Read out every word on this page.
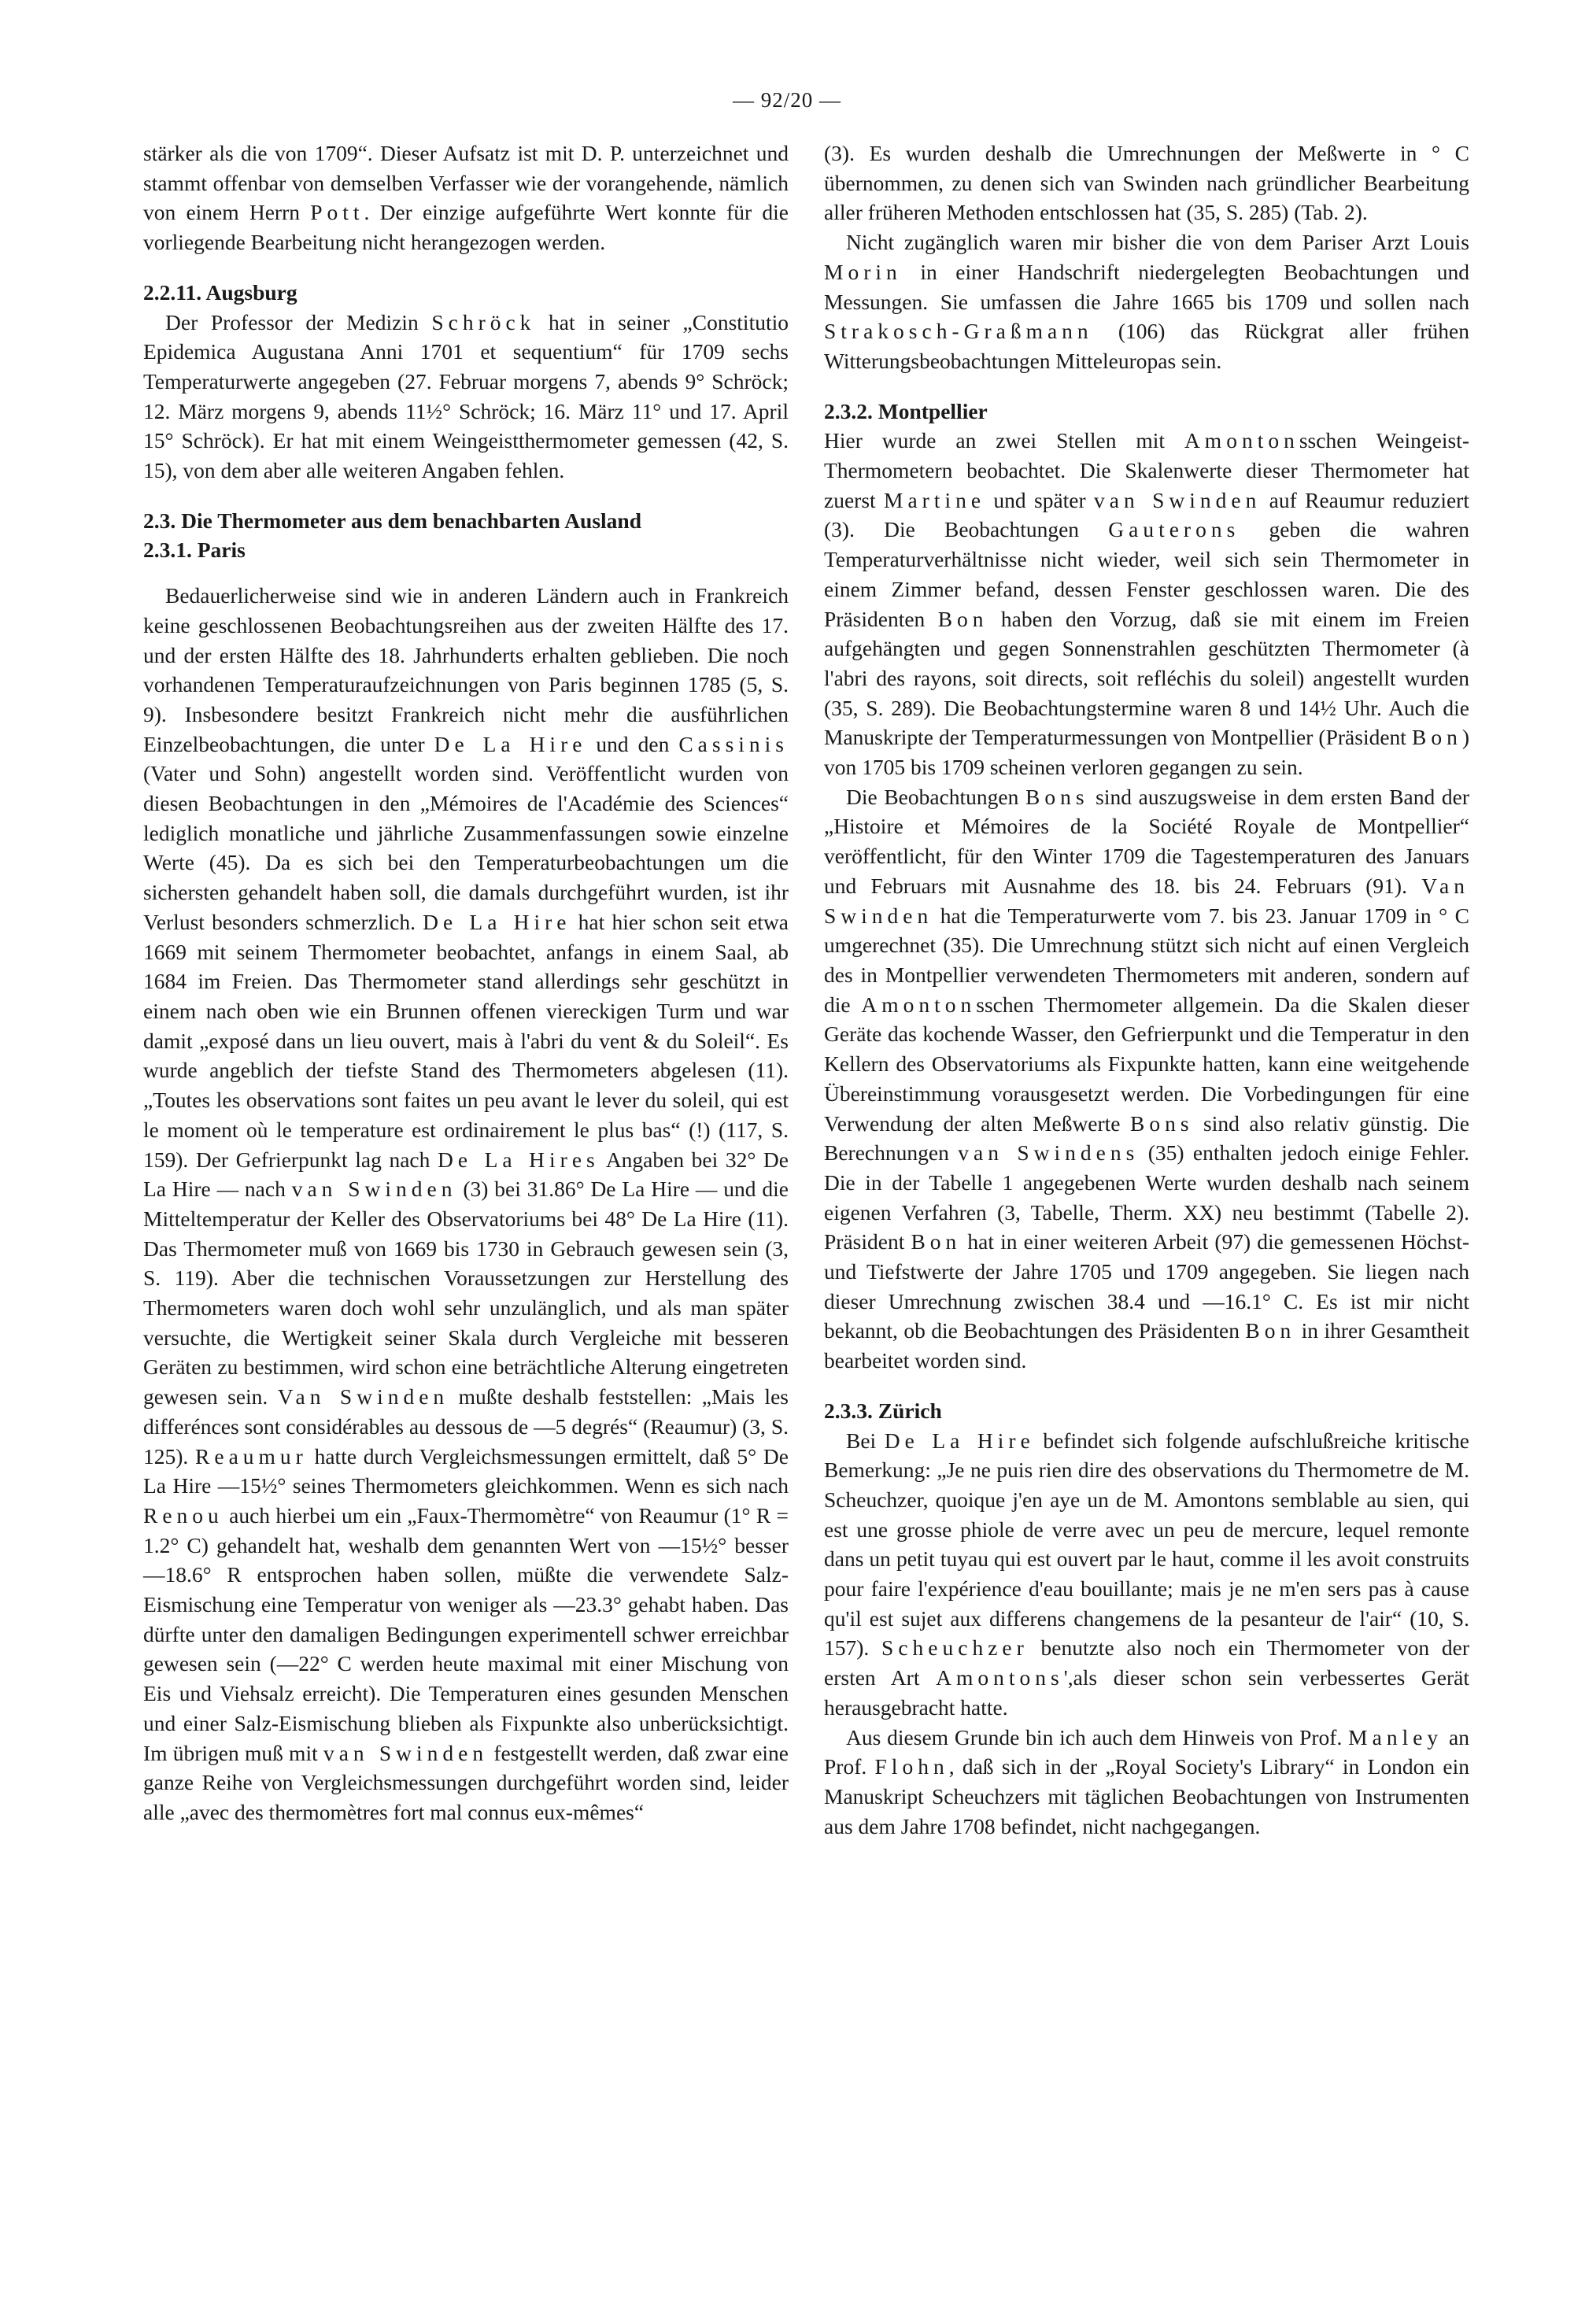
— 92/20 —

stärker als die von 1709“. Dieser Aufsatz ist mit D. P. unterzeichnet und stammt offenbar von demselben Verfasser wie der vorangehende, nämlich von einem Herrn Pott. Der einzige aufgeführte Wert konnte für die vorliegende Bearbeitung nicht herangezogen werden.

2.2.11. Augsburg

Der Professor der Medizin Schröck hat in seiner „Constitutio Epidemica Augustana Anni 1701 et sequentium“ für 1709 sechs Temperaturwerte angegeben (27. Februar morgens 7, abends 9° Schröck; 12. März morgens 9, abends 11½° Schröck; 16. März 11° und 17. April 15° Schröck). Er hat mit einem Weingeistthermometer gemessen (42, S. 15), von dem aber alle weiteren Angaben fehlen.

2.3. Die Thermometer aus dem benachbarten Ausland

2.3.1. Paris

Bedauerlicherweise sind wie in anderen Ländern auch in Frankreich keine geschlossenen Beobachtungsreihen aus der zweiten Hälfte des 17. und der ersten Hälfte des 18. Jahrhunderts erhalten geblieben. Die noch vorhandenen Temperaturaufzeichnungen von Paris beginnen 1785 (5, S. 9). Insbesondere besitzt Frankreich nicht mehr die ausführlichen Einzelbeobachtungen, die unter De La Hire und den Cassinis (Vater und Sohn) angestellt worden sind. Veröffentlicht wurden von diesen Beobachtungen in den „Mémoires de l'Académie des Sciences“ lediglich monatliche und jährliche Zusammenfassungen sowie einzelne Werte (45). Da es sich bei den Temperaturbeobachtungen um die sichersten gehandelt haben soll, die damals durchgeführt wurden, ist ihr Verlust besonders schmerzlich. De La Hire hat hier schon seit etwa 1669 mit seinem Thermometer beobachtet, anfangs in einem Saal, ab 1684 im Freien. Das Thermometer stand allerdings sehr geschützt in einem nach oben wie ein Brunnen offenen viereckigen Turm und war damit „exposé dans un lieu ouvert, mais à l'abri du vent & du Soleil“. Es wurde angeblich der tiefste Stand des Thermometers abgelesen (11). „Toutes les observations sont faites un peu avant le lever du soleil, qui est le moment où le temperature est ordinairement le plus bas“ (!) (117, S. 159). Der Gefrierpunkt lag nach De La Hires Angaben bei 32° De La Hire — nach van Swinden (3) bei 31.86° De La Hire — und die Mitteltemperatur der Keller des Observatoriums bei 48° De La Hire (11). Das Thermometer muß von 1669 bis 1730 in Gebrauch gewesen sein (3, S. 119). Aber die technischen Voraussetzungen zur Herstellung des Thermometers waren doch wohl sehr unzulänglich, und als man später versuchte, die Wertigkeit seiner Skala durch Vergleiche mit besseren Geräten zu bestimmen, wird schon eine beträchtliche Alterung eingetreten gewesen sein. Van Swinden mußte deshalb feststellen: „Mais les differénces sont considérables au dessous de —5 degrés“ (Reaumur) (3, S. 125). Reaumur hatte durch Vergleichsmessungen ermittelt, daß 5° De La Hire —15½° seines Thermometers gleichkommen. Wenn es sich nach Renou auch hierbei um ein „Faux-Thermomètre“ von Reaumur (1° R = 1.2° C) gehandelt hat, weshalb dem genannten Wert von —15½° besser —18.6° R entsprochen haben sollen, müßte die verwendete Salz-Eismischung eine Temperatur von weniger als —23.3° gehabt haben. Das dürfte unter den damaligen Bedingungen experimentell schwer erreichbar gewesen sein (—22° C werden heute maximal mit einer Mischung von Eis und Viehsalz erreicht). Die Temperaturen eines gesunden Menschen und einer Salz-Eismischung blieben als Fixpunkte also unberücksichtigt. Im übrigen muß mit van Swinden festgestellt werden, daß zwar eine ganze Reihe von Vergleichsmessungen durchgeführt worden sind, leider alle „avec des thermomètres fort mal connus eux-mêmes“

(3). Es wurden deshalb die Umrechnungen der Meßwerte in ° C übernommen, zu denen sich van Swinden nach gründlicher Bearbeitung aller früheren Methoden entschlossen hat (35, S. 285) (Tab. 2).

Nicht zugänglich waren mir bisher die von dem Pariser Arzt Louis Morin in einer Handschrift niedergelegten Beobachtungen und Messungen. Sie umfassen die Jahre 1665 bis 1709 und sollen nach Strakosch-Graßmann (106) das Rückgrat aller frühen Witterungsbeobachtungen Mitteleuropas sein.

2.3.2. Montpellier

Hier wurde an zwei Stellen mit Amontonsschen Weingeist-Thermometern beobachtet. Die Skalenwerte dieser Thermometer hat zuerst Martine und später van Swinden auf Reaumur reduziert (3). Die Beobachtungen Gauterons geben die wahren Temperaturverhältnisse nicht wieder, weil sich sein Thermometer in einem Zimmer befand, dessen Fenster geschlossen waren. Die des Präsidenten Bon haben den Vorzug, daß sie mit einem im Freien aufgehängten und gegen Sonnenstrahlen geschützten Thermometer (à l'abri des rayons, soit directs, soit refléchis du soleil) angestellt wurden (35, S. 289). Die Beobachtungstermine waren 8 und 14½ Uhr. Auch die Manuskripte der Temperaturmessungen von Montpellier (Präsident Bon) von 1705 bis 1709 scheinen verloren gegangen zu sein.

Die Beobachtungen Bons sind auszugsweise in dem ersten Band der „Histoire et Mémoires de la Société Royale de Montpellier“ veröffentlicht, für den Winter 1709 die Tagestemperaturen des Januars und Februars mit Ausnahme des 18. bis 24. Februars (91). Van Swinden hat die Temperaturwerte vom 7. bis 23. Januar 1709 in ° C umgerechnet (35). Die Umrechnung stützt sich nicht auf einen Vergleich des in Montpellier verwendeten Thermometers mit anderen, sondern auf die Amontonsschen Thermometer allgemein. Da die Skalen dieser Geräte das kochende Wasser, den Gefrierpunkt und die Temperatur in den Kellern des Observatoriums als Fixpunkte hatten, kann eine weitgehende Übereinstimmung vorausgesetzt werden. Die Vorbedingungen für eine Verwendung der alten Meßwerte Bons sind also relativ günstig. Die Berechnungen van Swindens (35) enthalten jedoch einige Fehler. Die in der Tabelle 1 angegebenen Werte wurden deshalb nach seinem eigenen Verfahren (3, Tabelle, Therm. XX) neu bestimmt (Tabelle 2). Präsident Bon hat in einer weiteren Arbeit (97) die gemessenen Höchst- und Tiefstwerte der Jahre 1705 und 1709 angegeben. Sie liegen nach dieser Umrechnung zwischen 38.4 und —16.1° C. Es ist mir nicht bekannt, ob die Beobachtungen des Präsidenten Bon in ihrer Gesamtheit bearbeitet worden sind.

2.3.3. Zürich

Bei De La Hire befindet sich folgende aufschlußreiche kritische Bemerkung: „Je ne puis rien dire des observations du Thermometre de M. Scheuchzer, quoique j'en aye un de M. Amontons semblable au sien, qui est une grosse phiole de verre avec un peu de mercure, lequel remonte dans un petit tuyau qui est ouvert par le haut, comme il les avoit construits pour faire l'expérience d'eau bouillante; mais je ne m'en sers pas à cause qu'il est sujet aux differens changemens de la pesanteur de l'air“ (10, S. 157). Scheuchzer benutzte also noch ein Thermometer von der ersten Art Amontons',als dieser schon sein verbessertes Gerät herausgebracht hatte.

Aus diesem Grunde bin ich auch dem Hinweis von Prof. Manley an Prof. Flohn, daß sich in der „Royal Society's Library“ in London ein Manuskript Scheuchzers mit täglichen Beobachtungen von Instrumenten aus dem Jahre 1708 befindet, nicht nachgegangen.
